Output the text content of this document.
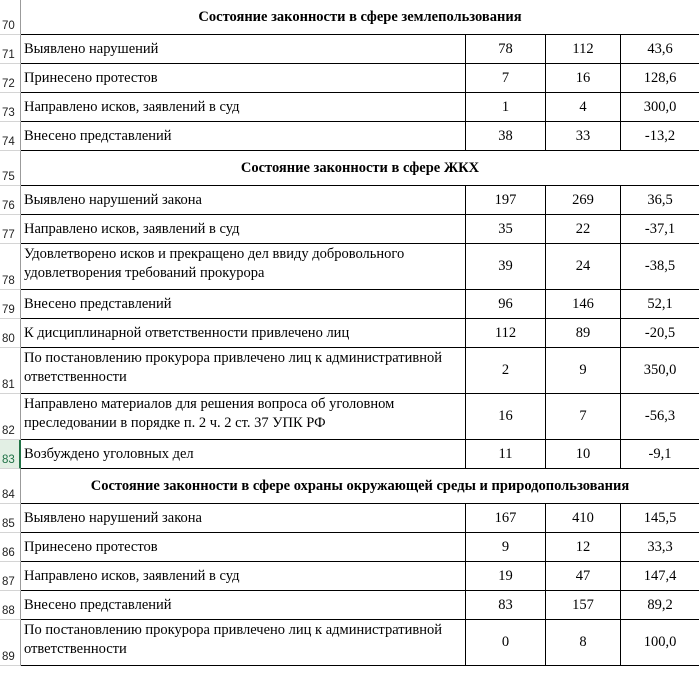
70
Состояние законности в сфере землепользования
71 Выявлено нарушений	78	112	43,6
72 Принесено протестов	7	16	128,6
73 Направлено исков, заявлений в суд	1	4	300,0
74 Внесено представлений	38	33	-13,2
75
Состояние законности в сфере ЖКХ
76 Выявлено нарушений закона	197	269	36,5
77 Направлено исков, заявлений в суд	35	22	-37,1
78
Удовлетворено исков и прекращено дел ввиду добровольного удовлетворения требований прокурора	39	24	-38,5
79 Внесено представлений	96	146	52,1
80 К дисциплинарной ответственности привлечено лиц	112	89	-20,5
81
По постановлению прокурора привлечено лиц к административной ответственности	2	9	350,0
82
Направлено материалов для решения вопроса об уголовном преследовании в порядке п. 2 ч. 2 ст. 37 УПК РФ	16	7	-56,3
83 Возбуждено уголовных дел	11	10	-9,1
84
Состояние законности в сфере охраны окружающей среды и природопользования
85 Выявлено нарушений закона	167	410	145,5
86 Принесено протестов	9	12	33,3
87 Направлено исков, заявлений в суд	19	47	147,4
88 Внесено представлений	83	157	89,2
89
По постановлению прокурора привлечено лиц к административной ответственности	0	8	100,0
